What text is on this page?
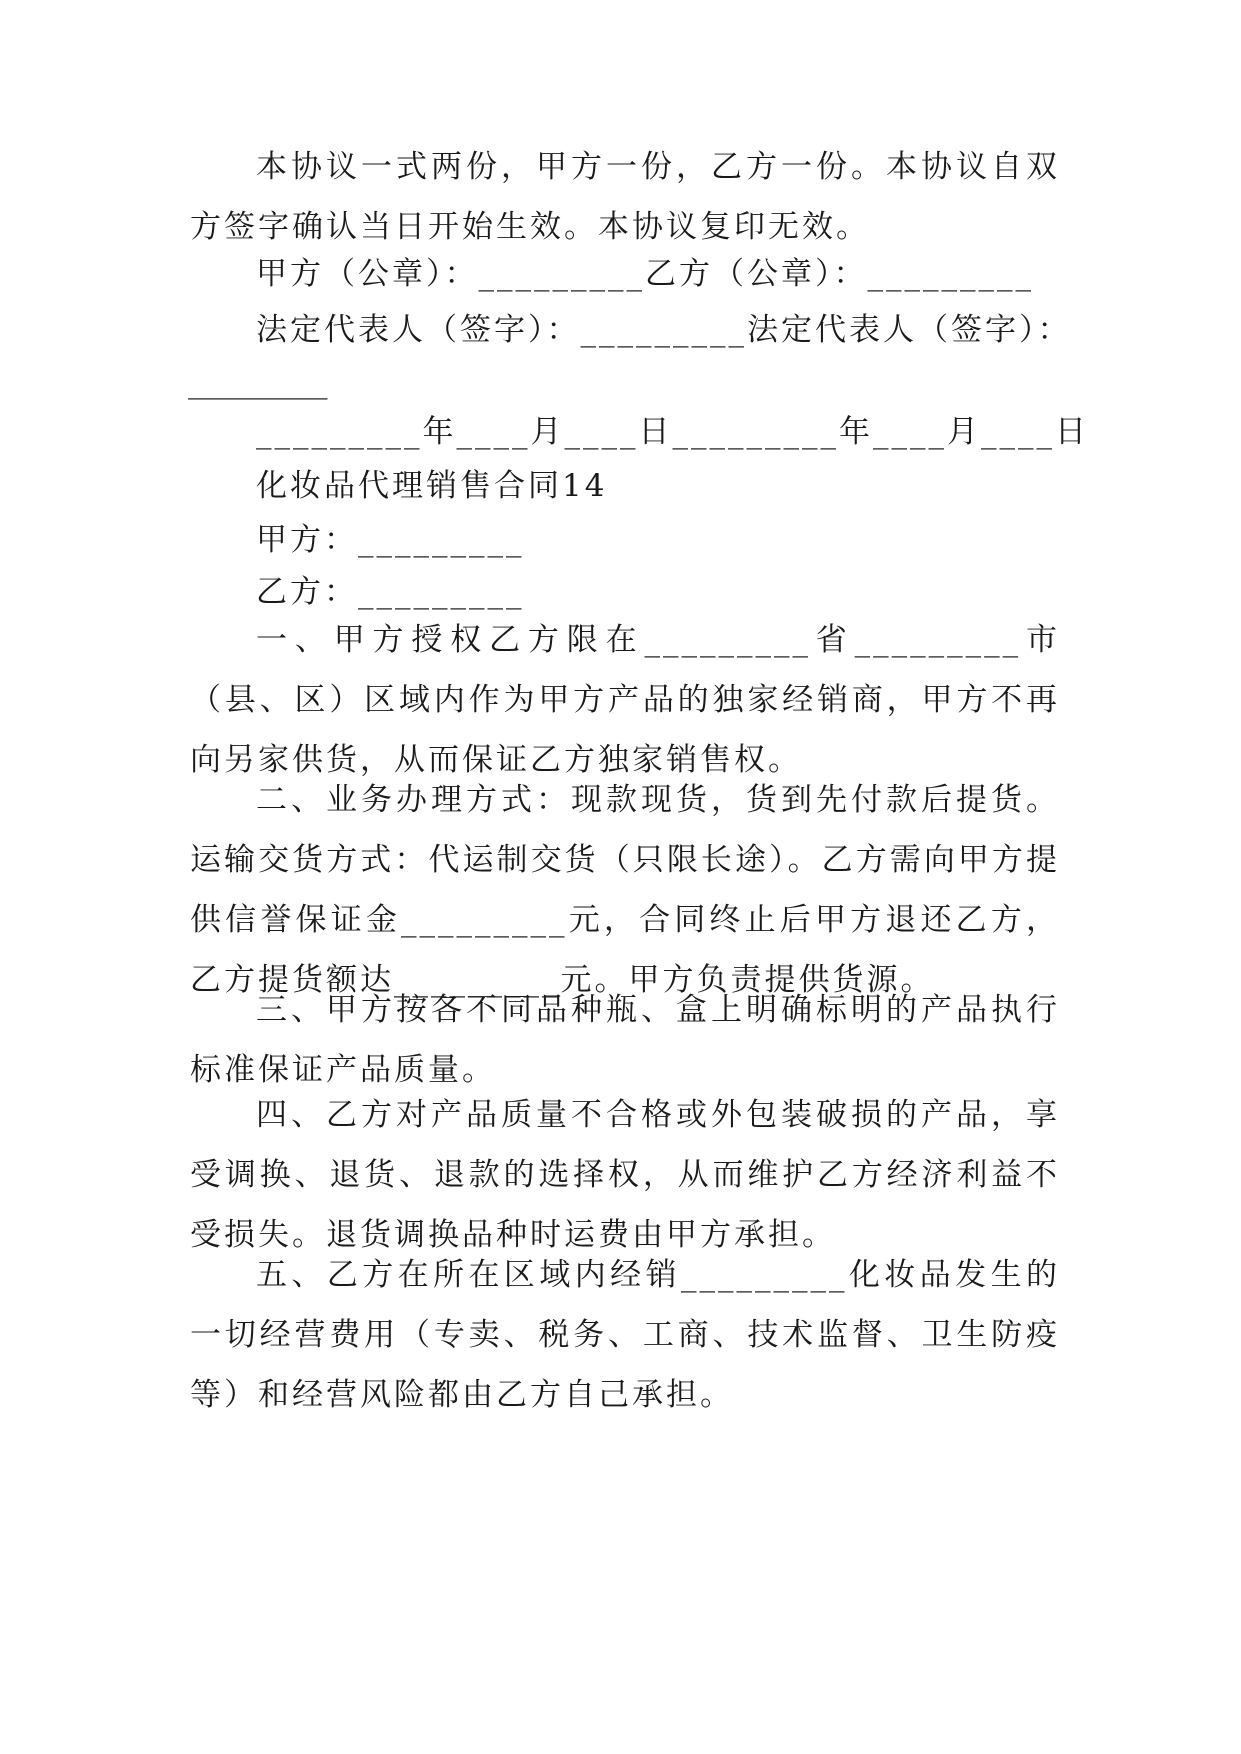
本协议一式两份，甲方一份，乙方一份。本协议自双方签字确认当日开始生效。本协议复印无效。

甲方（公章）：_________乙方（公章）：_________

法定代表人（签字）：_________法定代表人（签字）：

_________

_________年____月____日_________年____月____日

化妆品代理销售合同14

甲方：_________

乙方：_________

一、甲方授权乙方限在_________省_________市（县、区）区域内作为甲方产品的独家经销商，甲方不再向另家供货，从而保证乙方独家销售权。

二、业务办理方式：现款现货，货到先付款后提货。运输交货方式：代运制交货（只限长途）。乙方需向甲方提供信誉保证金_________元，合同终止后甲方退还乙方，乙方提货额达_________元。甲方负责提供货源。

三、甲方按各不同品种瓶、盒上明确标明的产品执行标准保证产品质量。

四、乙方对产品质量不合格或外包装破损的产品，享受调换、退货、退款的选择权，从而维护乙方经济利益不受损失。退货调换品种时运费由甲方承担。

五、乙方在所在区域内经销_________化妆品发生的一切经营费用（专卖、税务、工商、技术监督、卫生防疫等）和经营风险都由乙方自己承担。
